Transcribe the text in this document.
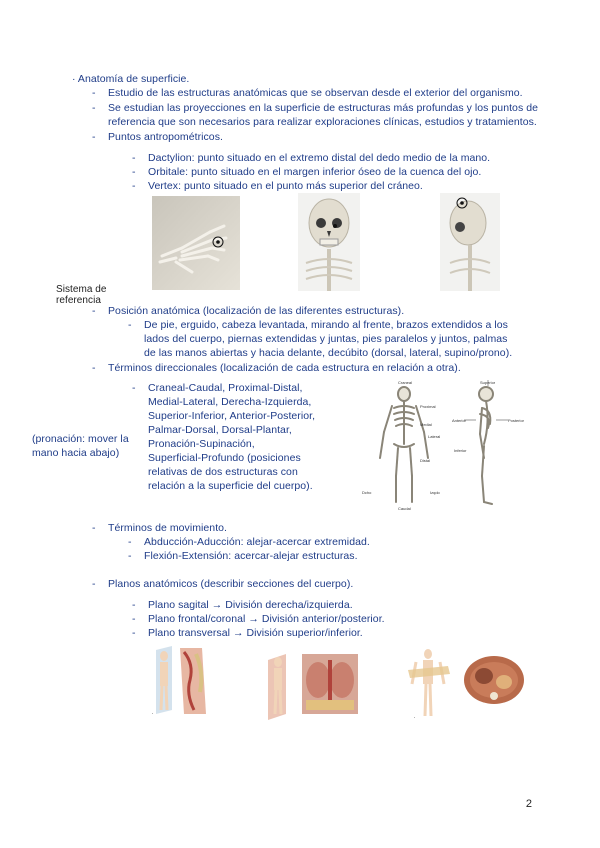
· Anatomía de superficie.
- Estudio de las estructuras anatómicas que se observan desde el exterior del organismo.
- Se estudian las proyecciones en la superficie de estructuras más profundas y los puntos de
referencia que son necesarios para realizar exploraciones clínicas, estudios y tratamientos.
- Puntos antropométricos.
- Dactylion: punto situado en el extremo distal del dedo medio de la mano.
- Orbitale: punto situado en el margen inferior óseo de la cuenca del ojo.
- Vertex: punto situado en el punto más superior del cráneo.
Sistema de
referencia
- Posición anatómica (localización de las diferentes estructuras).
- De pie, erguido, cabeza levantada, mirando al frente, brazos extendidos a los
lados del cuerpo, piernas extendidas y juntas, pies paralelos y juntos, palmas
de las manos abiertas y hacia delante, decúbito (dorsal, lateral, supino/prono).
- Términos direccionales (localización de cada estructura en relación a otra).
- Craneal-Caudal, Proximal-Distal,
Medial-Lateral, Derecha-Izquierda,
Superior-Inferior, Anterior-Posterior,
Palmar-Dorsal, Dorsal-Plantar,
Pronación-Supinación,
Superficial-Profundo (posiciones
relativas de dos estructuras con
relación a la superficie del cuerpo).
(pronación: mover la
mano hacia abajo)
Craneal
Proximal
Medial
Lateral
Distal
Caudal
Dcho	Izqdo
Anterior	Posterior
Superior
Inferior
- Términos de movimiento.
- Abducción-Aducción: alejar-acercar extremidad.
- Flexión-Extensión: acercar-alejar estructuras.
- Planos anatómicos (describir secciones del cuerpo).
- Plano sagital → División derecha/izquierda.
- Plano frontal/coronal → División anterior/posterior.
- Plano transversal → División superior/inferior.
.
.
2
